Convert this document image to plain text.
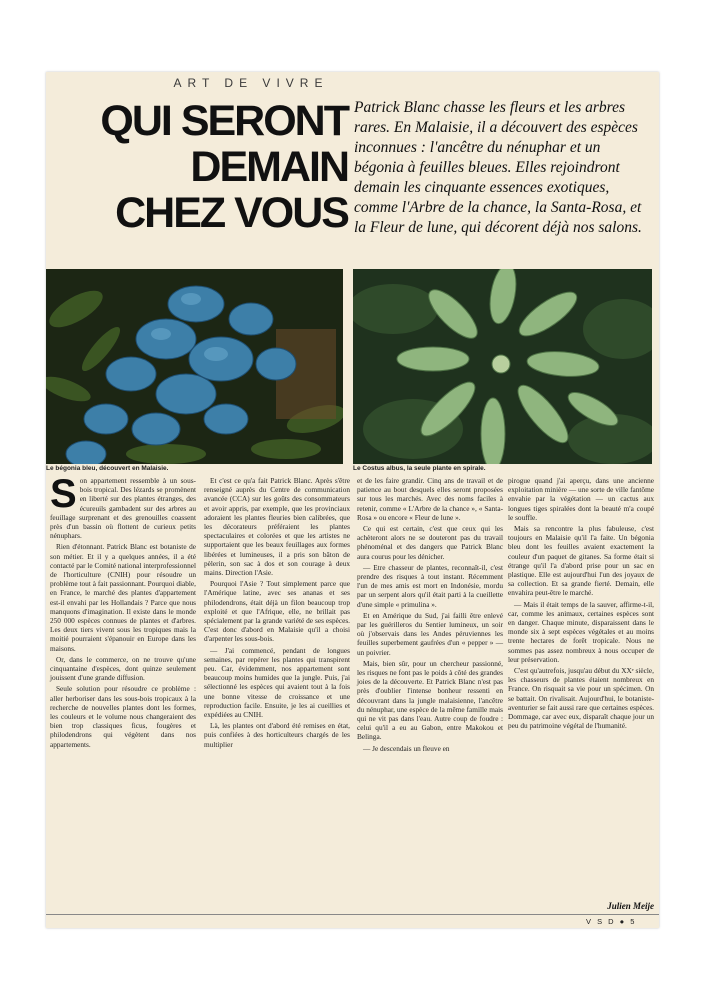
ART DE VIVRE
QUI SERONT
DEMAIN
CHEZ VOUS

Patrick Blanc chasse les fleurs et les arbres rares. En Malaisie, il a découvert des espèces inconnues : l'ancêtre du nénuphar et un bégonia à feuilles bleues. Elles rejoindront demain les cinquante essences exotiques, comme l'Arbre de la chance, la Santa-Rosa, et la Fleur de lune, qui décorent déjà nos salons.

Le bégonia bleu, découvert en Malaisie.	Le Costus albus, la seule plante en spirale.
S on appartement ressemble à un sous-bois tropical. Des lézards se promènent en liberté sur des plantes étranges, des écureuils gambadent sur des arbres au feuillage surprenant et des grenouilles coassent près d'un bassin où flottent de curieux petits nénuphars.

Rien d'étonnant. Patrick Blanc est botaniste de son métier. Et il y a quelques années, il a été contacté par le Comité national interprofessionnel de l'horticulture (CNIH) pour résoudre un problème tout à fait passionnant. Pourquoi diable, en France, le marché des plantes d'appartement est-il envahi par les Hollandais ? Parce que nous manquons d'imagination. Il existe dans le monde 250 000 espèces connues de plantes et d'arbres. Les deux tiers vivent sous les tropiques mais la moitié pourraient s'épanouir en Europe dans les maisons.

Or, dans le commerce, on ne trouve qu'une cinquantaine d'espèces, dont quinze seulement jouissent d'une grande diffusion.

Seule solution pour résoudre ce problème : aller herboriser dans les sous-bois tropicaux à la recherche de nouvelles plantes dont les formes, les couleurs et le volume nous changeraient des bien trop classiques ficus, fougères et philodendrons qui végètent dans nos appartements.

Et c'est ce qu'a fait Patrick Blanc. Après s'être renseigné auprès du Centre de communication avancée (CCA) sur les goûts des consommateurs et avoir appris, par exemple, que les provinciaux adoraient les plantes fleuries bien calibrées, que les décorateurs préféraient les plantes spectaculaires et colorées et que les artistes ne supportaient que les beaux feuillages aux formes libérées et lumineuses, il a pris son bâton de pèlerin, son sac à dos et son courage à deux mains. Direction l'Asie.

Pourquoi l'Asie ? Tout simplement parce que l'Amérique latine, avec ses ananas et ses philodendrons, était déjà un filon beaucoup trop exploité et que l'Afrique, elle, ne brillait pas spécialement par la grande variété de ses espèces. C'est donc d'abord en Malaisie qu'il a choisi d'arpenter les sous-bois.

— J'ai commencé, pendant de longues semaines, par repérer les plantes qui transpirent peu. Car, évidemment, nos appartement sont beaucoup moins humides que la jungle. Puis, j'ai sélectionné les espèces qui avaient tout à la fois une bonne vitesse de croissance et une reproduction facile. Ensuite, je les ai cueillies et expédiées au CNIH.

Là, les plantes ont d'abord été remises en état, puis confiées à des horticulteurs chargés de les multiplier

et de les faire grandir. Cinq ans de travail et de patience au bout desquels elles seront proposées sur tous les marchés. Avec des noms faciles à retenir, comme « L'Arbre de la chance », « Santa-Rosa » ou encore « Fleur de lune ».

Ce qui est certain, c'est que ceux qui les achèteront alors ne se douteront pas du travail phénoménal et des dangers que Patrick Blanc aura courus pour les dénicher.

— Etre chasseur de plantes, reconnaît-il, c'est prendre des risques à tout instant. Récemment l'un de mes amis est mort en Indonésie, mordu par un serpent alors qu'il était parti à la cueillette d'une simple « primulina ».

Et en Amérique du Sud, j'ai failli être enlevé par les guérilleros du Sentier lumineux, un soir où j'observais dans les Andes péruviennes les feuilles superbement gaufrées d'un « pepper » — un poivrier.

Mais, bien sûr, pour un chercheur passionné, les risques ne font pas le poids à côté des grandes joies de la découverte. Et Patrick Blanc n'est pas près d'oublier l'intense bonheur ressenti en découvrant dans la jungle malaisienne, l'ancêtre du nénuphar, une espèce de la même famille mais qui ne vit pas dans l'eau. Autre coup de foudre : celui qu'il a eu au Gabon, entre Makokou et Belinga.

— Je descendais un fleuve en

pirogue quand j'ai aperçu, dans une ancienne exploitation minière — une sorte de ville fantôme envahie par la végétation — un cactus aux longues tiges spiralées dont la beauté m'a coupé le souffle.

Mais sa rencontre la plus fabuleuse, c'est toujours en Malaisie qu'il l'a faite. Un bégonia bleu dont les feuilles avaient exactement la couleur d'un paquet de gitanes. Sa forme était si étrange qu'il l'a d'abord prise pour un sac en plastique. Elle est aujourd'hui l'un des joyaux de sa collection. Et sa grande fierté. Demain, elle envahira peut-être le marché.

— Mais il était temps de la sauver, affirme-t-il, car, comme les animaux, certaines espèces sont en danger. Chaque minute, disparaissent dans le monde six à sept espèces végétales et au moins trente hectares de forêt tropicale. Nous ne sommes pas assez nombreux à nous occuper de leur préservation.

C'est qu'autrefois, jusqu'au début du XXᵉ siècle, les chasseurs de plantes étaient nombreux en France. On risquait sa vie pour un spécimen. On se battait. On rivalisait. Aujourd'hui, le botaniste-aventurier se fait aussi rare que certaines espèces. Dommage, car avec eux, disparaît chaque jour un peu du patrimoine végétal de l'humanité.

Julien Meije
V S D ● 5
